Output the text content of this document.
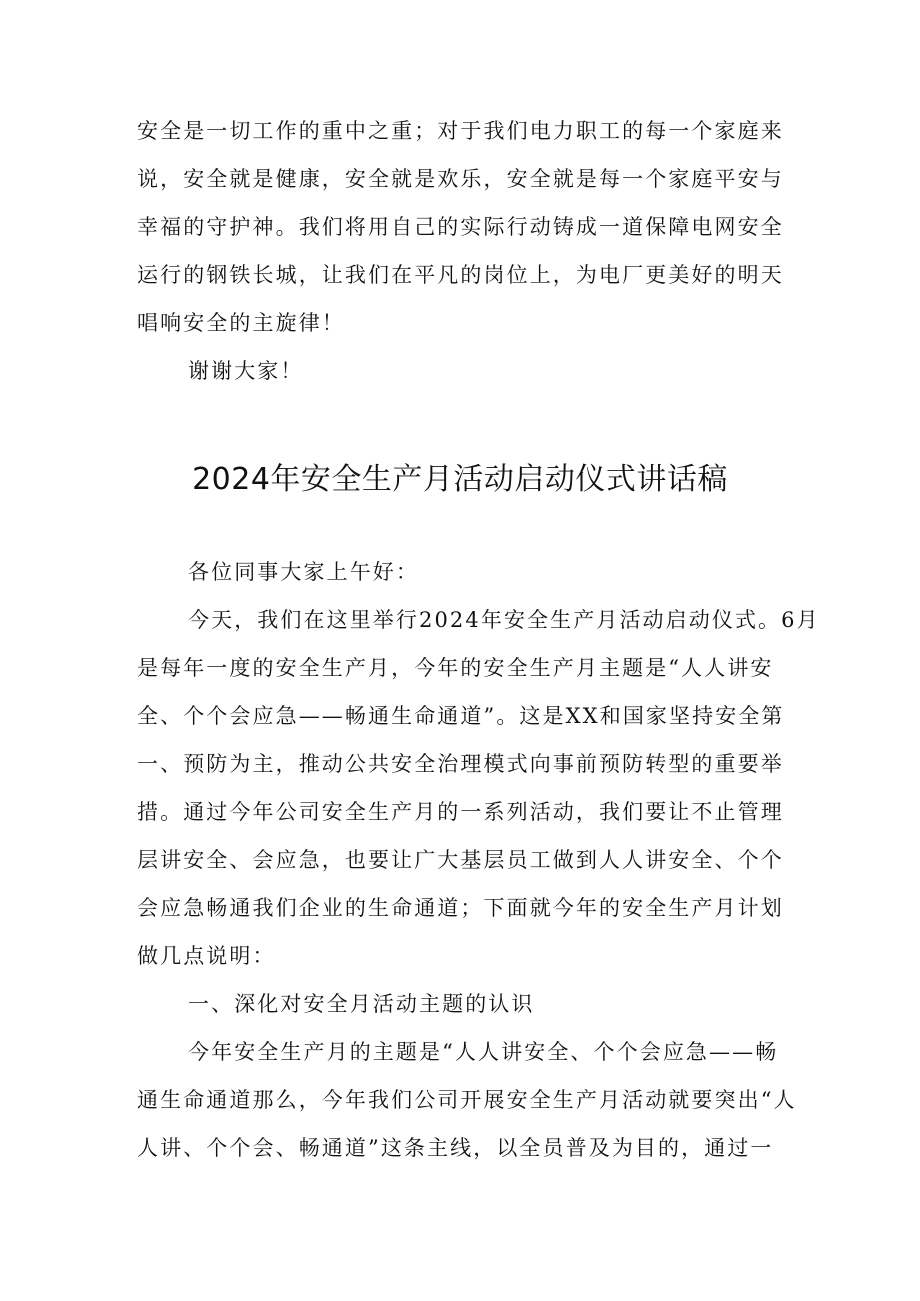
安全是一切工作的重中之重；对于我们电力职工的每一个家庭来
说，安全就是健康，安全就是欢乐，安全就是每一个家庭平安与
幸福的守护神。我们将用自己的实际行动铸成一道保障电网安全
运行的钢铁长城，让我们在平凡的岗位上，为电厂更美好的明天
唱响安全的主旋律！
谢谢大家！
2024年安全生产月活动启动仪式讲话稿
各位同事大家上午好：
今天，我们在这里举行2024年安全生产月活动启动仪式。6月
是每年一度的安全生产月，今年的安全生产月主题是“人人讲安
全、个个会应急——畅通生命通道”。这是XX和国家坚持安全第
一、预防为主，推动公共安全治理模式向事前预防转型的重要举
措。通过今年公司安全生产月的一系列活动，我们要让不止管理
层讲安全、会应急，也要让广大基层员工做到人人讲安全、个个
会应急畅通我们企业的生命通道；下面就今年的安全生产月计划
做几点说明：
一、深化对安全月活动主题的认识
今年安全生产月的主题是“人人讲安全、个个会应急——畅
通生命通道那么，今年我们公司开展安全生产月活动就要突出“人
人讲、个个会、畅通道”这条主线，以全员普及为目的，通过一
